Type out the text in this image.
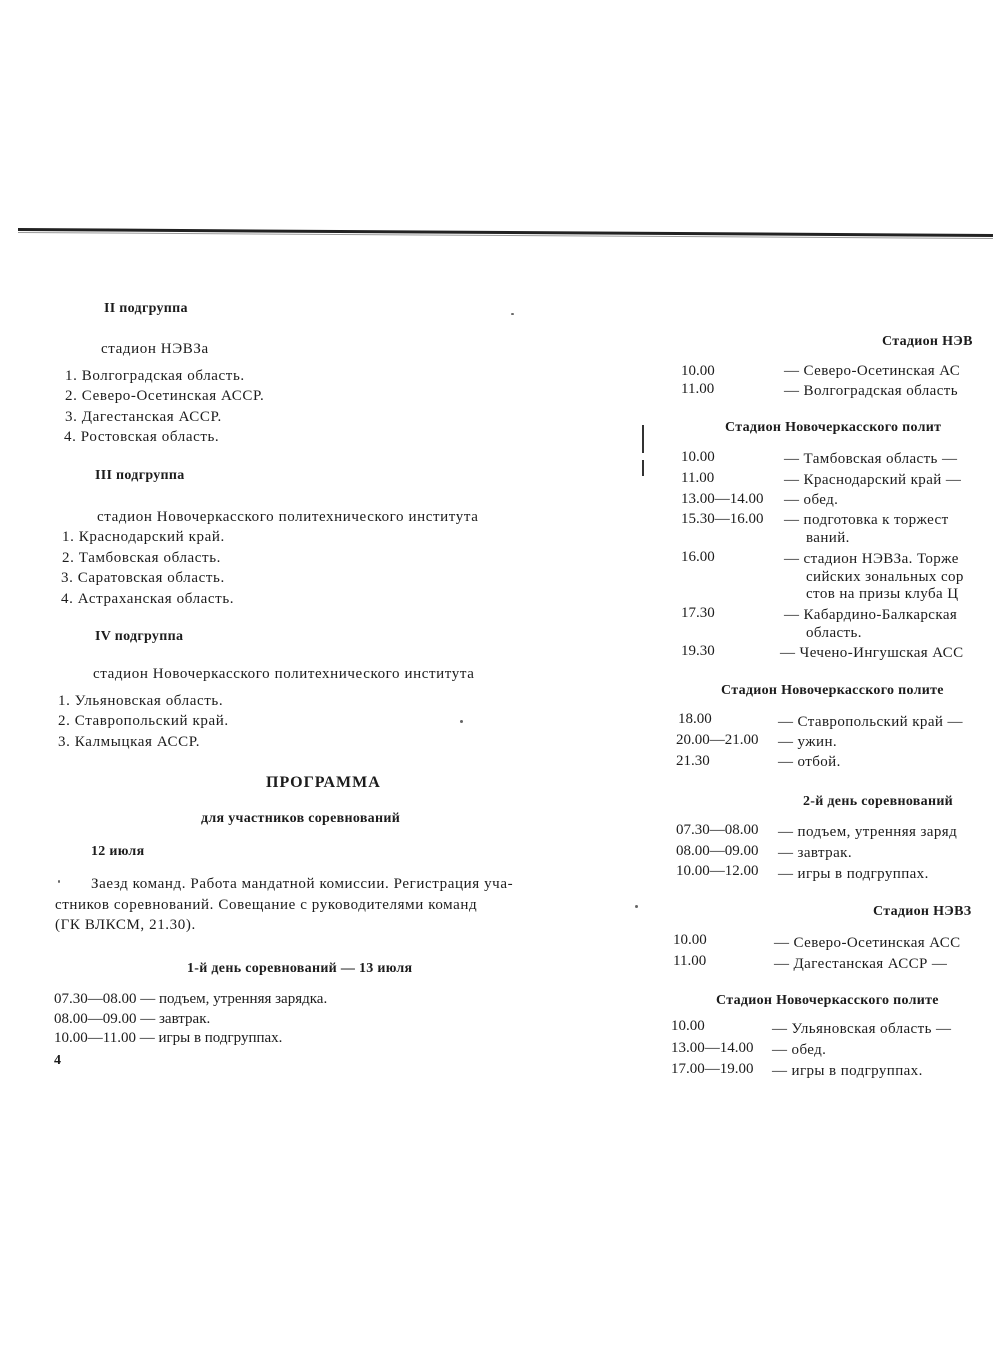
II подгруппа
стадион НЭВЗа
1. Волгоградская область.
2. Северо-Осетинская АССР.
3. Дагестанская АССР.
4. Ростовская область.
III подгруппа
стадион Новочеркасского политехнического института
1. Краснодарский край.
2. Тамбовская область.
3. Саратовская область.
4. Астраханская область.
IV подгруппа
стадион Новочеркасского политехнического института
1. Ульяновская область.
2. Ставропольский край.
3. Калмыцкая АССР.
ПРОГРАММА
для участников соревнований
12 июля
Заезд команд. Работа мандатной комиссии. Регистрация уча-
стников соревнований. Совещание с руководителями команд
(ГК ВЛКСМ, 21.30).
1-й день соревнований — 13 июля
07.30—08.00 — подъем, утренняя зарядка.
08.00—09.00 — завтрак.
10.00—11.00 — игры в подгруппах.
4
Стадион НЭВ
10.00	— Северо-Осетинская АС
11.00	— Волгоградская область
Стадион Новочеркасского полит
10.00	— Тамбовская область —
11.00	— Краснодарский край —
13.00—14.00 — обед.
15.30—16.00 — подготовка к торжест
ваний.
16.00	— стадион НЭВЗа. Торже
сийских зональных сор
стов на призы клуба Ц
17.30	— Кабардино-Балкарская
область.
19.30	— Чечено-Ингушская АСС
Стадион Новочеркасского полите
18.00	— Ставропольский край —
20.00—21.00 — ужин.
21.30	— отбой.
2-й день соревнований
07.30—08.00 — подъем, утренняя заряд
08.00—09.00 — завтрак.
10.00—12.00 — игры в подгруппах.
Стадион НЭВЗ
10.00	— Северо-Осетинская АСС
11.00	— Дагестанская АССР —
Стадион Новочеркасского полите
10.00	— Ульяновская область —
13.00—14.00 — обед.
17.00—19.00 — игры в подгруппах.
